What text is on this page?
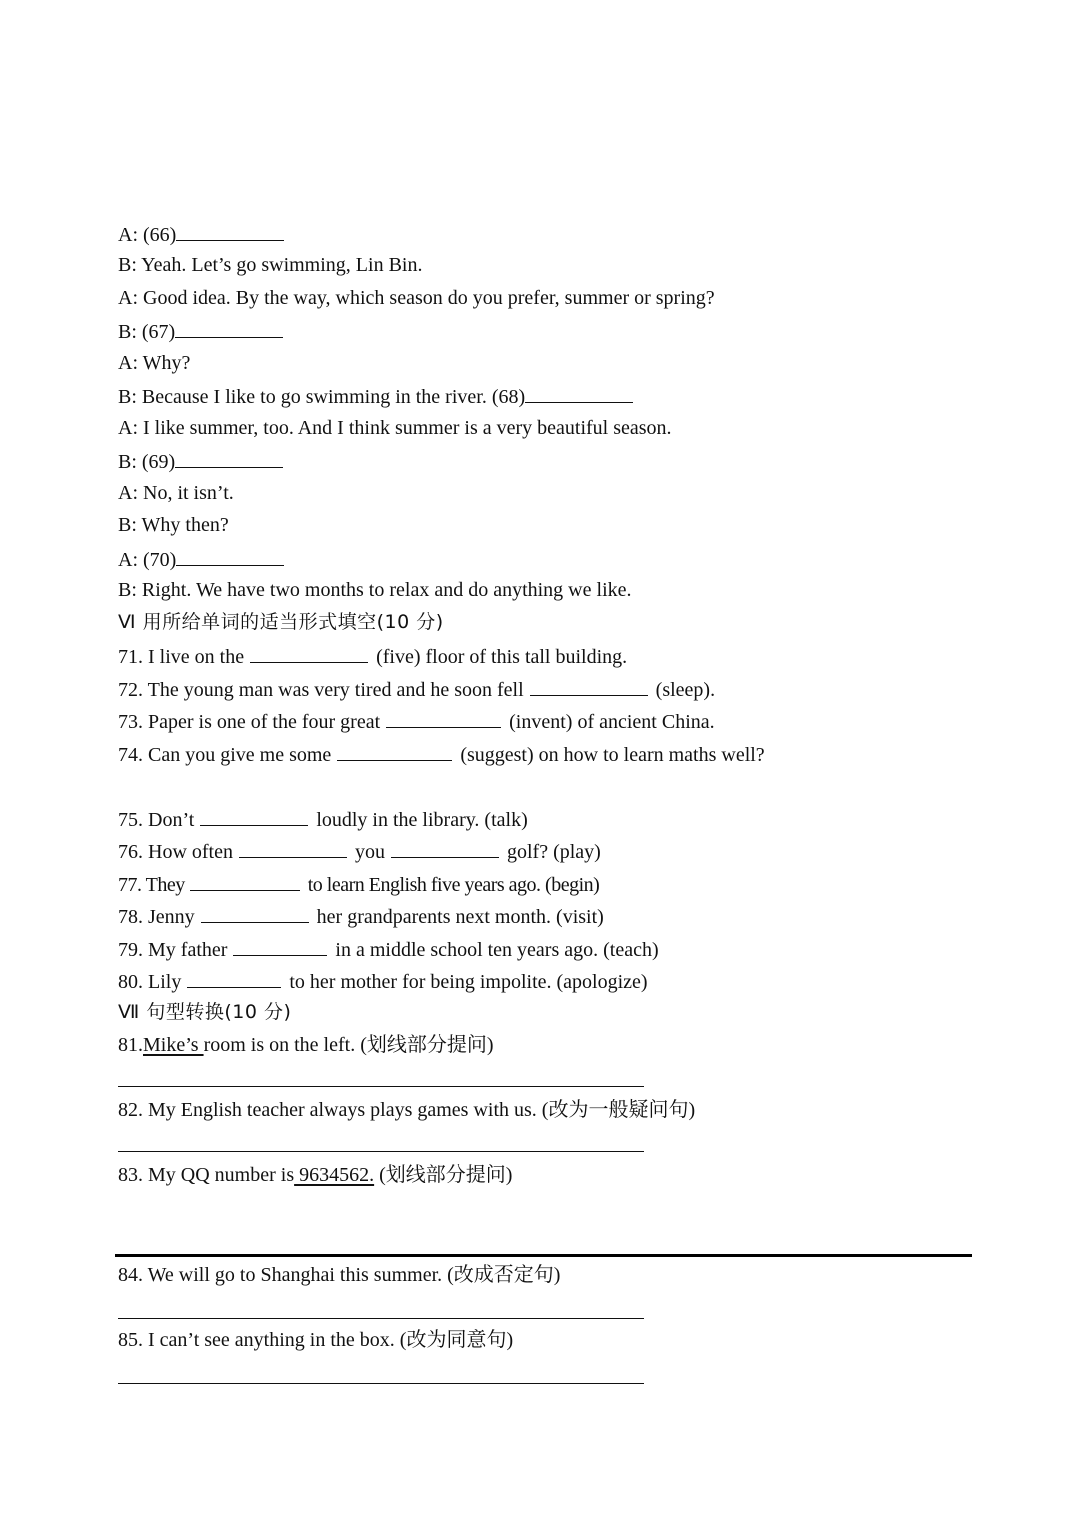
A: (66)
B: Yeah. Let’s go swimming, Lin Bin.
A: Good idea. By the way, which season do you prefer, summer or spring?
B: (67)
A: Why?
B: Because I like to go swimming in the river. (68)
A: I like summer, too. And I think summer is a very beautiful season.
B: (69)
A: No, it isn’t.
B: Why then?
A: (70)
B: Right. We have two months to relax and do anything we like.
Ⅵ 用所给单词的适当形式填空(10 分)
71. I live on the	(five) floor of this tall building.
72. The young man was very tired and he soon fell	(sleep).
73. Paper is one of the four great	(invent) of ancient China.
74. Can you give me some	(suggest) on how to learn maths well?
75. Don’t	loudly in the library. (talk)
76. How often	you	golf? (play)
77. They	to learn English five years ago. (begin)
78. Jenny	her grandparents next month. (visit)
79. My father	in a middle school ten years ago. (teach)
80. Lily	to her mother for being impolite. (apologize)
Ⅶ 句型转换(10 分)
81.Mike’s room is on the left. (划线部分提问)
82. My English teacher always plays games with us. (改为一般疑问句)
83. My QQ number is 9634562. (划线部分提问)
84. We will go to Shanghai this summer. (改成否定句)
85. I can’t see anything in the box. (改为同意句)
